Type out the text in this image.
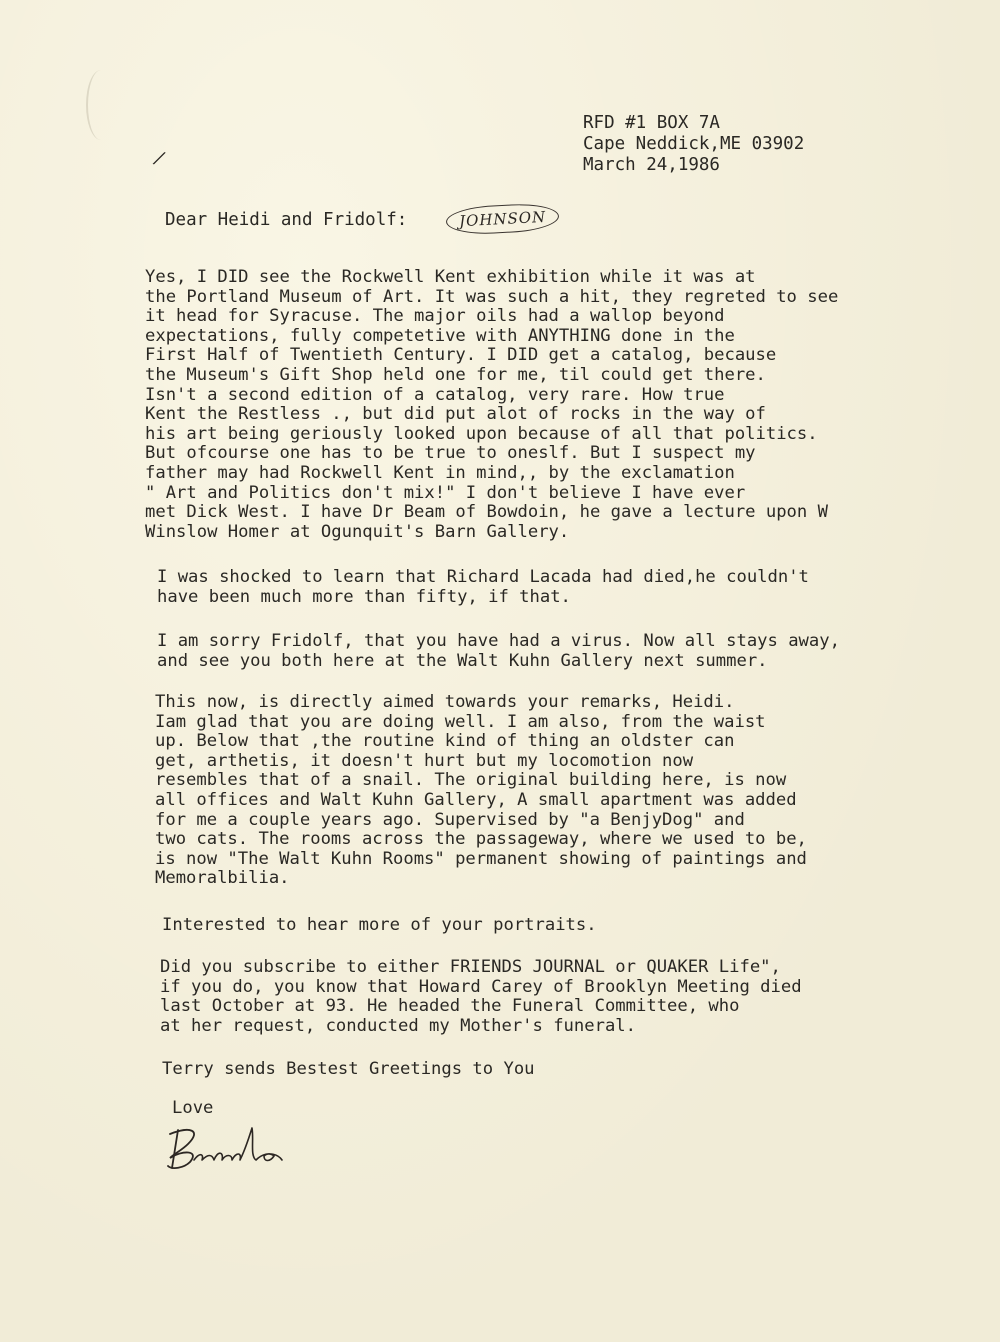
/
RFD #1 BOX 7A
Cape Neddick,ME 03902
March 24,1986
Dear Heidi and Fridolf:	JOHNSON
Yes, I DID see the Rockwell Kent exhibition while it was at
the Portland Museum of Art. It was such a hit, they regreted to see
it head for Syracuse. The major oils had a wallop beyond
expectations, fully competetive with ANYTHING done in the
First Half of Twentieth Century. I DID get a catalog, because
the Museum's Gift Shop held one for me, til could get there.
Isn't a second edition of a catalog, very rare. How true
Kent the Restless ., but did put alot of rocks in the way of
his art being geriously looked upon because of all that politics.
But ofcourse one has to be true to oneslf. But I suspect my
father may had Rockwell Kent in mind,, by the exclamation
" Art and Politics don't mix!" I don't believe I have ever
met Dick West. I have Dr Beam of Bowdoin, he gave a lecture upon W
Winslow Homer at Ogunquit's Barn Gallery.
I was shocked to learn that Richard Lacada had died,he couldn't
have been much more than fifty, if that.
I am sorry Fridolf, that you have had a virus. Now all stays away,
and see you both here at the Walt Kuhn Gallery next summer.
This now, is directly aimed towards your remarks, Heidi.
Iam glad that you are doing well. I am also, from the waist
up. Below that ,the routine kind of thing an oldster can
get, arthetis, it doesn't hurt but my locomotion now
resembles that of a snail. The original building here, is now
all offices and Walt Kuhn Gallery, A small apartment was added
for me a couple years ago. Supervised by "a BenjyDog" and
two cats. The rooms across the passageway, where we used to be,
is now "The Walt Kuhn Rooms" permanent showing of paintings and
Memoralbilia.
Interested to hear more of your portraits.
Did you subscribe to either FRIENDS JOURNAL or QUAKER Life",
if you do, you know that Howard Carey of Brooklyn Meeting died
last October at 93. He headed the Funeral Committee, who
at her request, conducted my Mother's funeral.
Terry sends Bestest Greetings to You
Love
